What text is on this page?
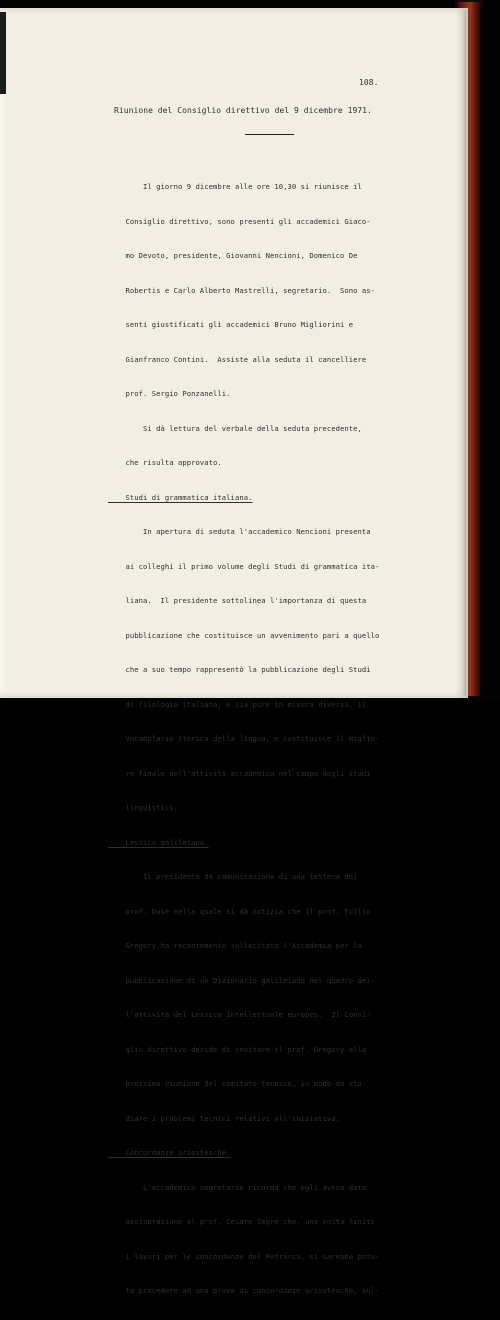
108.
Riunione del Consiglio direttivo del 9 dicembre 1971.

Il giorno 9 dicembre alle ore 10,30 si riunisce il

Consiglio direttivo, sono presenti gli accademici Giaco-

mo Devoto, presidente, Giovanni Nencioni, Domenico De

Robertis e Carlo Alberto Mastrelli, segretario.  Sono as-

senti giustificati gli accademici Bruno Migliorini e

Gianfranco Contini.  Assiste alla seduta il cancelliere

prof. Sergio Ponzanelli.

Si dà lettura del verbale della seduta precedente,

che risulta approvato.

Studi di grammatica italiana.

In apertura di seduta l'accademico Nencioni presenta

ai colleghi il primo volume degli Studi di grammatica ita-

liana.  Il presidente sottolinea l'importanza di questa

pubblicazione che costituisce un avvenimento pari a quello

che a suo tempo rappresentò la pubblicazione degli Studi

di filologia italiana, e sia pure in misura diversa, il

Vocabolario storico della lingua, e costituisce il miglio-

re finale dell'attività accademica nel campo degli studi

linguistici.

Lessico galileiano.

Il presidente dà comunicazione di una lettera del

prof. Duse nella quale si dà notizia che il prof. Tullio

Gregory ha recentemente sollecitato l'Accademia per la

pubblicazione di un Dizionario galileiano nel quadro del-

l'attività del Lessico intellettuale europeo.  Il Consi-

glio direttivo decide di invitare il prof. Gregory alla

prossima riunione del comitato tecnico, in modo da stu-

diare i problemi tecnici relativi all'iniziativa.

Concordanze ariostesche.

L'accademico segretario ricorda che egli aveva dato

assicurazione al prof. Cesare Segre che, una volta finiti

i lavori per le concordanze del Petrarca, si sarebbe potu-

to procedere ad una prova di concordanze ariostesche, sul-
